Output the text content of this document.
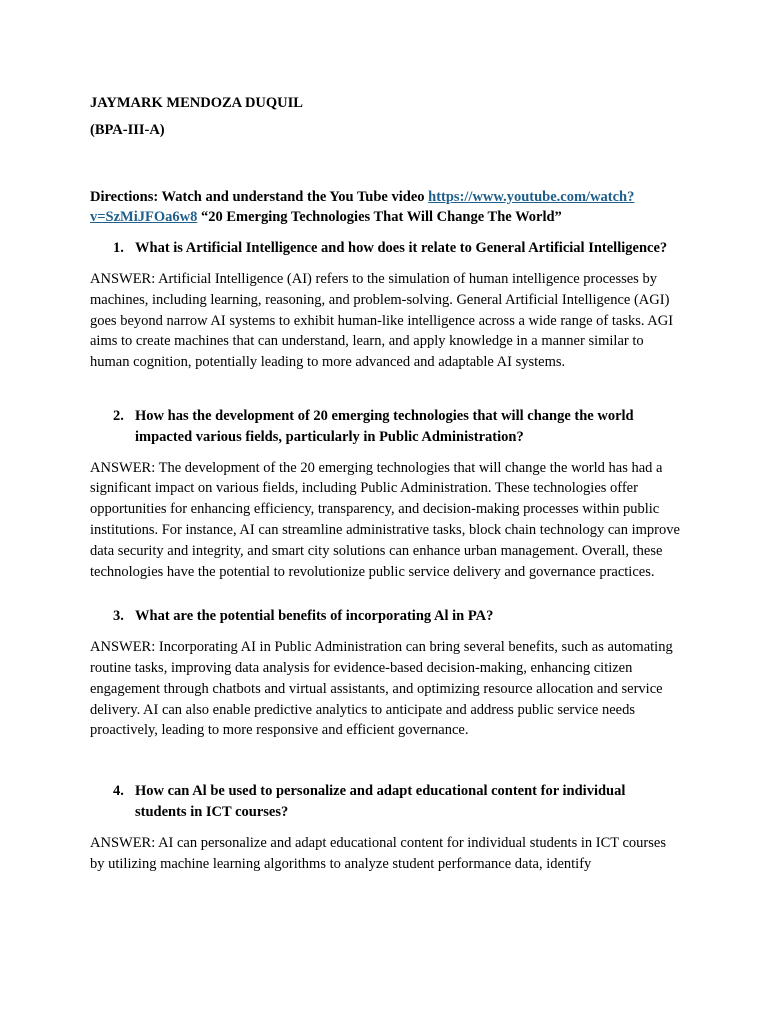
JAYMARK MENDOZA DUQUIL

(BPA-III-A)

Directions: Watch and understand the You Tube video https://www.youtube.com/watch?
v=SzMiJFOa6w8 “20 Emerging Technologies That Will Change The World”

1. What is Artificial Intelligence and how does it relate to General Artificial Intelligence?

ANSWER: Artificial Intelligence (AI) refers to the simulation of human intelligence processes by machines, including learning, reasoning, and problem-solving. General Artificial Intelligence (AGI) goes beyond narrow AI systems to exhibit human-like intelligence across a wide range of tasks. AGI aims to create machines that can understand, learn, and apply knowledge in a manner similar to human cognition, potentially leading to more advanced and adaptable AI systems.

2. How has the development of 20 emerging technologies that will change the world impacted various fields, particularly in Public Administration?

ANSWER: The development of the 20 emerging technologies that will change the world has had a significant impact on various fields, including Public Administration. These technologies offer opportunities for enhancing efficiency, transparency, and decision-making processes within public institutions. For instance, AI can streamline administrative tasks, block chain technology can improve data security and integrity, and smart city solutions can enhance urban management. Overall, these technologies have the potential to revolutionize public service delivery and governance practices.

3. What are the potential benefits of incorporating Al in PA?

ANSWER: Incorporating AI in Public Administration can bring several benefits, such as automating routine tasks, improving data analysis for evidence-based decision-making, enhancing citizen engagement through chatbots and virtual assistants, and optimizing resource allocation and service delivery. AI can also enable predictive analytics to anticipate and address public service needs proactively, leading to more responsive and efficient governance.

4. How can Al be used to personalize and adapt educational content for individual students in ICT courses?

ANSWER: AI can personalize and adapt educational content for individual students in ICT courses by utilizing machine learning algorithms to analyze student performance data, identify
